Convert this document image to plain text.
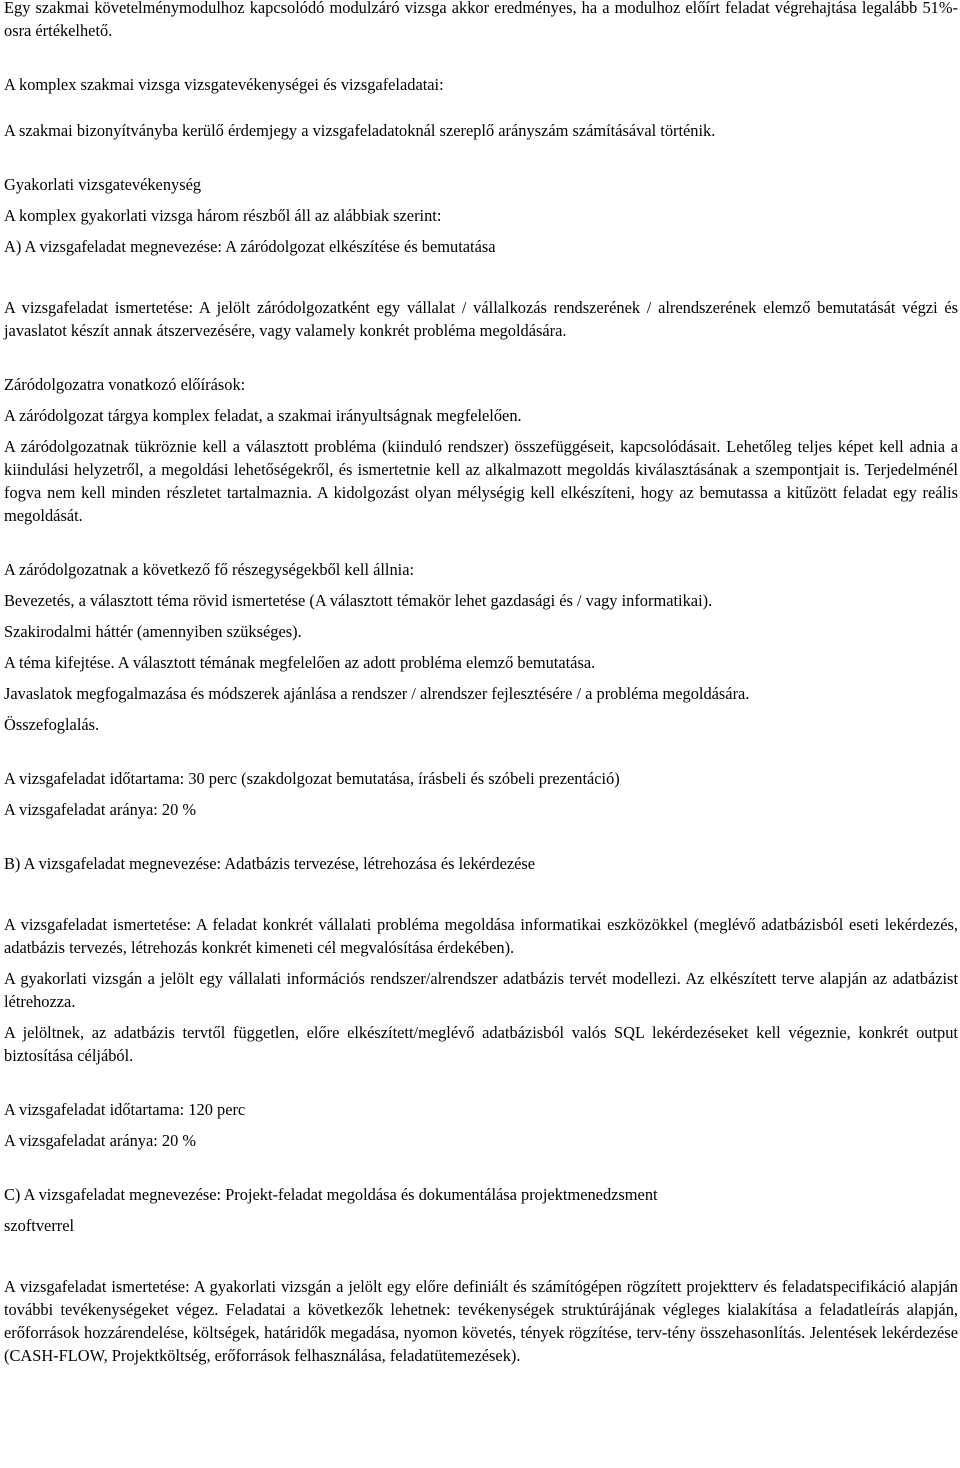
Egy szakmai követelménymodulhoz kapcsolódó modulzáró vizsga akkor eredményes, ha a modulhoz előírt feladat végrehajtása legalább 51%-osra értékelhető.

A komplex szakmai vizsga vizsgatevékenységei és vizsgafeladatai:

A szakmai bizonyítványba kerülő érdemjegy a vizsgafeladatoknál szereplő arányszám számításával történik.

Gyakorlati vizsgatevékenység

A komplex gyakorlati vizsga három részből áll az alábbiak szerint:

A) A vizsgafeladat megnevezése: A záródolgozat elkészítése és bemutatása

A vizsgafeladat ismertetése: A jelölt záródolgozatként egy vállalat / vállalkozás rendszerének / alrendszerének elemző bemutatását végzi és javaslatot készít annak átszervezésére, vagy valamely konkrét probléma megoldására.

Záródolgozatra vonatkozó előírások:

A záródolgozat tárgya komplex feladat, a szakmai irányultságnak megfelelően.

A záródolgozatnak tükröznie kell a választott probléma (kiinduló rendszer) összefüggéseit, kapcsolódásait. Lehetőleg teljes képet kell adnia a kiindulási helyzetről, a megoldási lehetőségekről, és ismertetnie kell az alkalmazott megoldás kiválasztásának a szempontjait is. Terjedelménél fogva nem kell minden részletet tartalmaznia. A kidolgozást olyan mélységig kell elkészíteni, hogy az bemutassa a kitűzött feladat egy reális megoldását.

A záródolgozatnak a következő fő részegységekből kell állnia:

Bevezetés, a választott téma rövid ismertetése (A választott témakör lehet gazdasági és / vagy informatikai).

Szakirodalmi háttér (amennyiben szükséges).

A téma kifejtése. A választott témának megfelelően az adott probléma elemző bemutatása.

Javaslatok megfogalmazása és módszerek ajánlása a rendszer / alrendszer fejlesztésére / a probléma megoldására.

Összefoglalás.

A vizsgafeladat időtartama: 30 perc (szakdolgozat bemutatása, írásbeli és szóbeli prezentáció)

A vizsgafeladat aránya: 20 %

B) A vizsgafeladat megnevezése: Adatbázis tervezése, létrehozása és lekérdezése

A vizsgafeladat ismertetése: A feladat konkrét vállalati probléma megoldása informatikai eszközökkel (meglévő adatbázisból eseti lekérdezés, adatbázis tervezés, létrehozás konkrét kimeneti cél megvalósítása érdekében).

A gyakorlati vizsgán a jelölt egy vállalati információs rendszer/alrendszer adatbázis tervét modellezi. Az elkészített terve alapján az adatbázist létrehozza.

A jelöltnek, az adatbázis tervtől független, előre elkészített/meglévő adatbázisból valós SQL lekérdezéseket kell végeznie, konkrét output biztosítása céljából.

A vizsgafeladat időtartama: 120 perc

A vizsgafeladat aránya: 20 %

C) A vizsgafeladat megnevezése: Projekt-feladat megoldása és dokumentálása projektmenedzsment

szoftverrel

A vizsgafeladat ismertetése: A gyakorlati vizsgán a jelölt egy előre definiált és számítógépen rögzített projektterv és feladatspecifikáció alapján további tevékenységeket végez. Feladatai a következők lehetnek: tevékenységek struktúrájának végleges kialakítása a feladatleírás alapján, erőforrások hozzárendelése, költségek, határidők megadása, nyomon követés, tények rögzítése, terv-tény összehasonlítás. Jelentések lekérdezése (CASH-FLOW, Projektköltség, erőforrások felhasználása, feladatütemezések).
